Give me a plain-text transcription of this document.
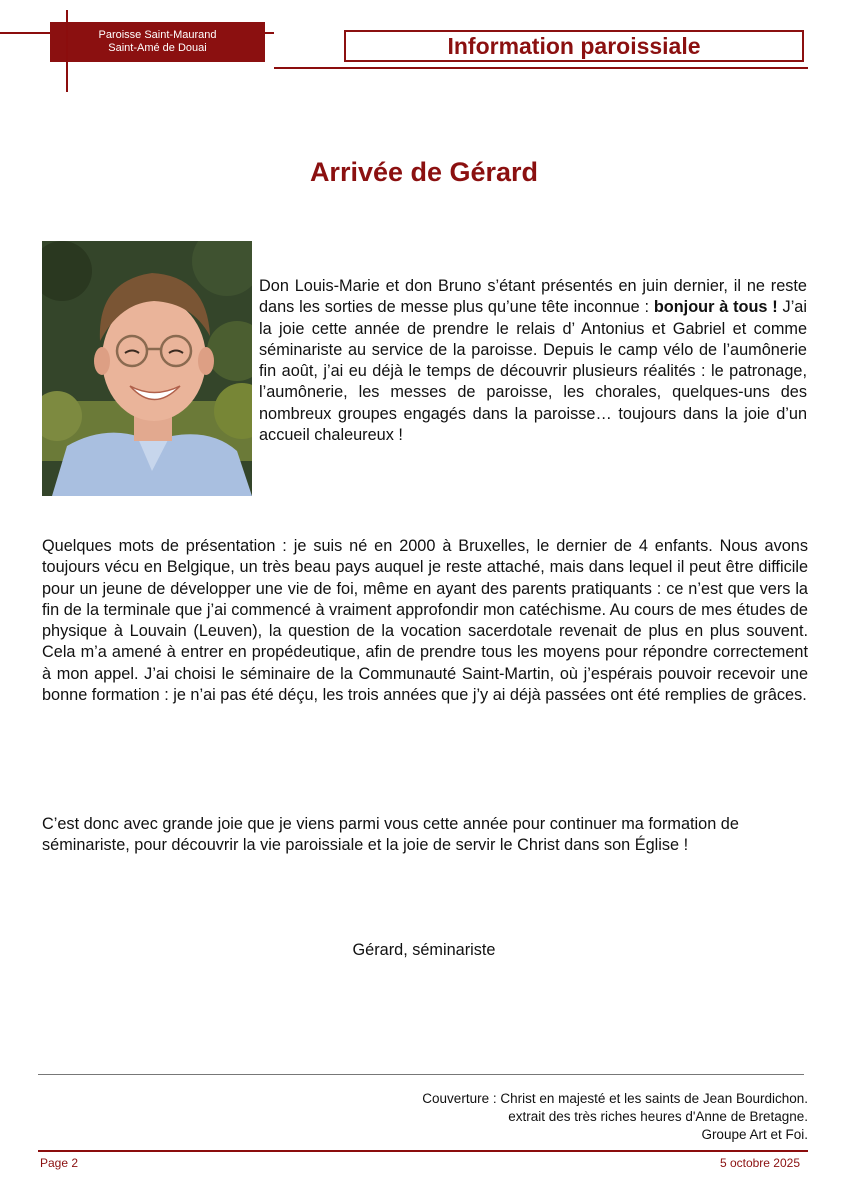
Paroisse Saint-Maurand
Saint-Amé de Douai	Information paroissiale
Arrivée de Gérard

Don Louis-Marie et don Bruno s’étant présentés en juin dernier, il ne reste dans les sorties de messe plus qu’une tête inconnue : bonjour à tous ! J’ai la joie cette année de prendre le relais d’ Antonius et Gabriel et comme séminariste au service de la paroisse. Depuis le camp vélo de l’aumônerie fin août, j’ai eu déjà le temps de découvrir plusieurs réalités : le patronage, l’aumônerie, les messes de paroisse, les chorales, quelques-uns des nombreux groupes engagés dans la paroisse… toujours dans la joie d’un accueil chaleureux !

Quelques mots de présentation : je suis né en 2000 à Bruxelles, le dernier de 4 enfants. Nous avons toujours vécu en Belgique, un très beau pays auquel je reste attaché, mais dans lequel il peut être difficile pour un jeune de développer une vie de foi, même en ayant des parents pratiquants : ce n’est que vers la fin de la terminale que j’ai commencé à vraiment approfondir mon catéchisme. Au cours de mes études de physique à Louvain (Leuven), la question de la vocation sacerdotale revenait de plus en plus souvent. Cela m’a amené à entrer en propédeutique, afin de prendre tous les moyens pour répondre correctement à mon appel. J’ai choisi le séminaire de la Communauté Saint-Martin, où j’espérais pouvoir recevoir une bonne formation : je n’ai pas été déçu, les trois années que j’y ai déjà passées ont été remplies de grâces.

C’est donc avec grande joie que je viens parmi vous cette année pour continuer ma formation de séminariste, pour découvrir la vie paroissiale et la joie de servir le Christ dans son Église !

Gérard, séminariste
Couverture : Christ en majesté et les saints de Jean Bourdichon.
extrait des très riches heures d'Anne de Bretagne.
Groupe Art et Foi.
Page 2	5 octobre 2025
